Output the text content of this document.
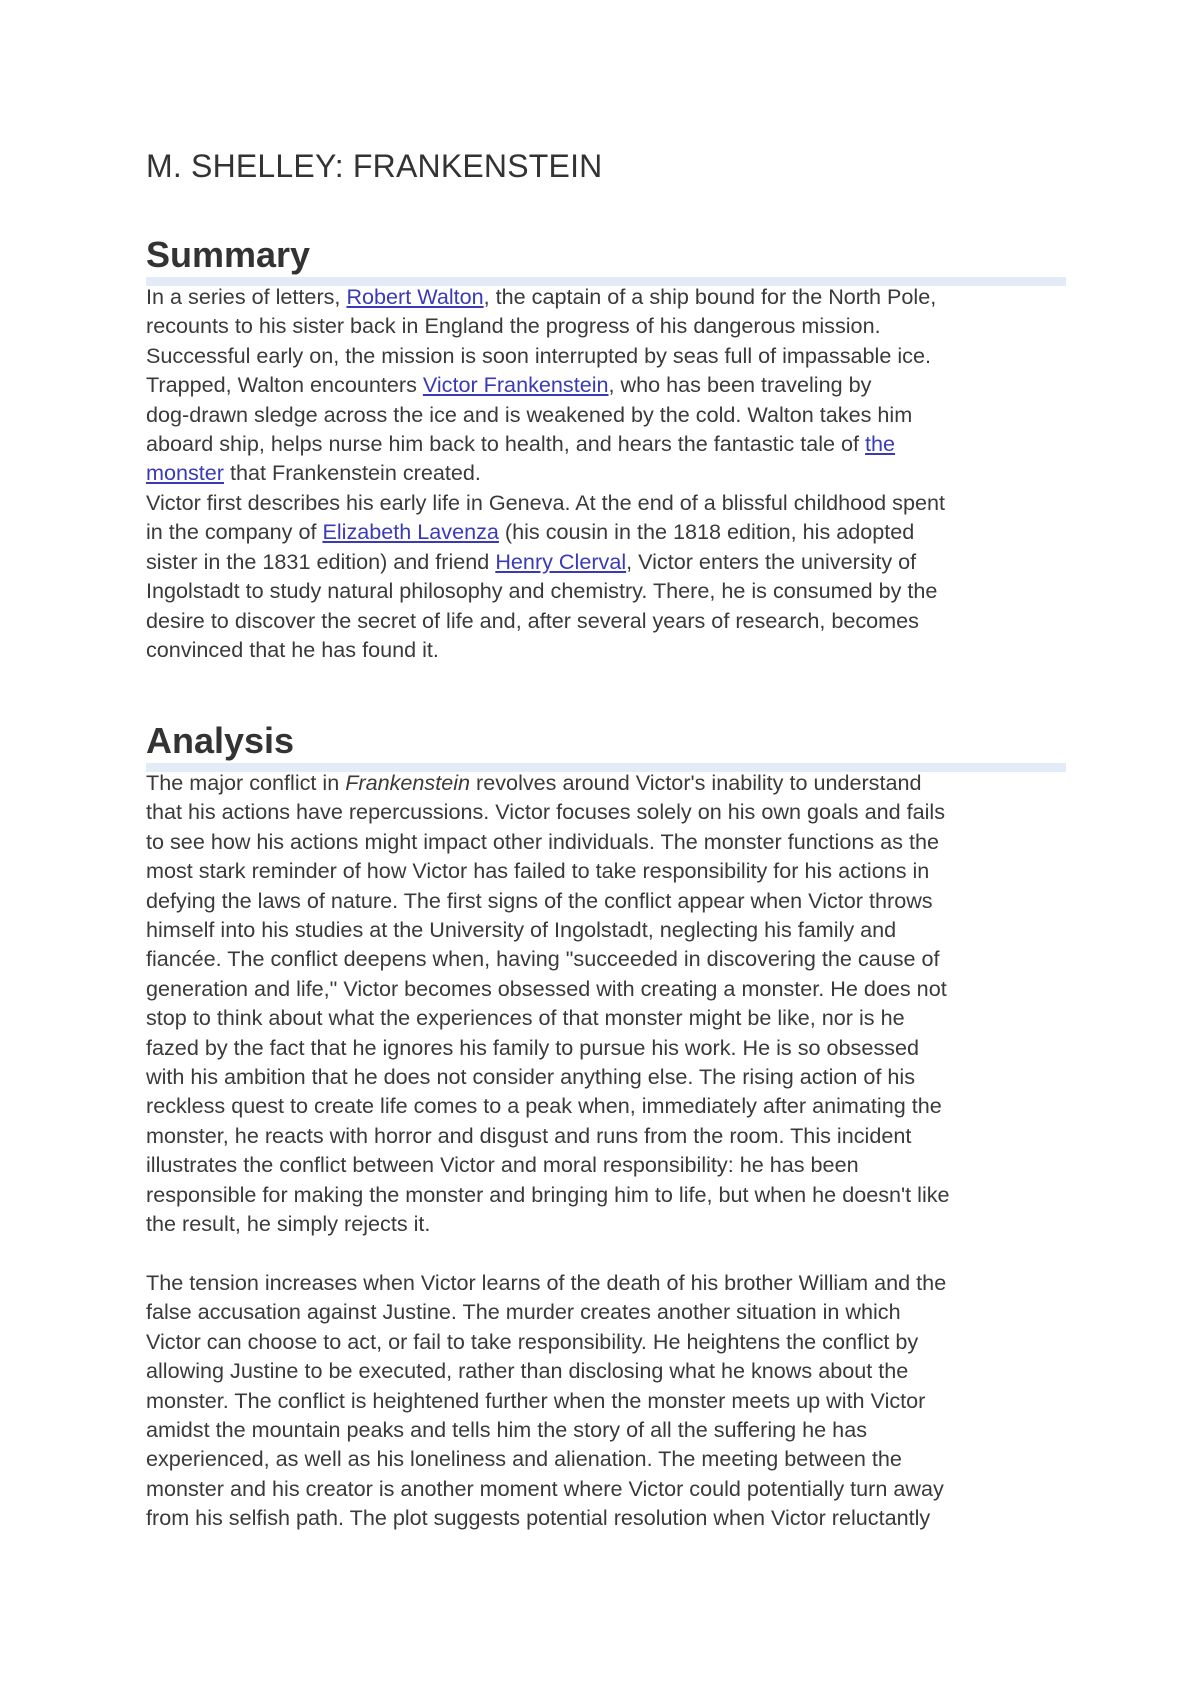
M. SHELLEY: FRANKENSTEIN
Summary
In a series of letters, Robert Walton, the captain of a ship bound for the North Pole,
recounts to his sister back in England the progress of his dangerous mission.
Successful early on, the mission is soon interrupted by seas full of impassable ice.
Trapped, Walton encounters Victor Frankenstein, who has been traveling by
dog-drawn sledge across the ice and is weakened by the cold. Walton takes him
aboard ship, helps nurse him back to health, and hears the fantastic tale of the
monster that Frankenstein created.
Victor first describes his early life in Geneva. At the end of a blissful childhood spent
in the company of Elizabeth Lavenza (his cousin in the 1818 edition, his adopted
sister in the 1831 edition) and friend Henry Clerval, Victor enters the university of
Ingolstadt to study natural philosophy and chemistry. There, he is consumed by the
desire to discover the secret of life and, after several years of research, becomes
convinced that he has found it.
Analysis
The major conflict in Frankenstein revolves around Victor's inability to understand
that his actions have repercussions. Victor focuses solely on his own goals and fails
to see how his actions might impact other individuals. The monster functions as the
most stark reminder of how Victor has failed to take responsibility for his actions in
defying the laws of nature. The first signs of the conflict appear when Victor throws
himself into his studies at the University of Ingolstadt, neglecting his family and
fiancée. The conflict deepens when, having "succeeded in discovering the cause of
generation and life," Victor becomes obsessed with creating a monster. He does not
stop to think about what the experiences of that monster might be like, nor is he
fazed by the fact that he ignores his family to pursue his work. He is so obsessed
with his ambition that he does not consider anything else. The rising action of his
reckless quest to create life comes to a peak when, immediately after animating the
monster, he reacts with horror and disgust and runs from the room. This incident
illustrates the conflict between Victor and moral responsibility: he has been
responsible for making the monster and bringing him to life, but when he doesn't like
the result, he simply rejects it.
The tension increases when Victor learns of the death of his brother William and the
false accusation against Justine. The murder creates another situation in which
Victor can choose to act, or fail to take responsibility. He heightens the conflict by
allowing Justine to be executed, rather than disclosing what he knows about the
monster. The conflict is heightened further when the monster meets up with Victor
amidst the mountain peaks and tells him the story of all the suffering he has
experienced, as well as his loneliness and alienation. The meeting between the
monster and his creator is another moment where Victor could potentially turn away
from his selfish path. The plot suggests potential resolution when Victor reluctantly
